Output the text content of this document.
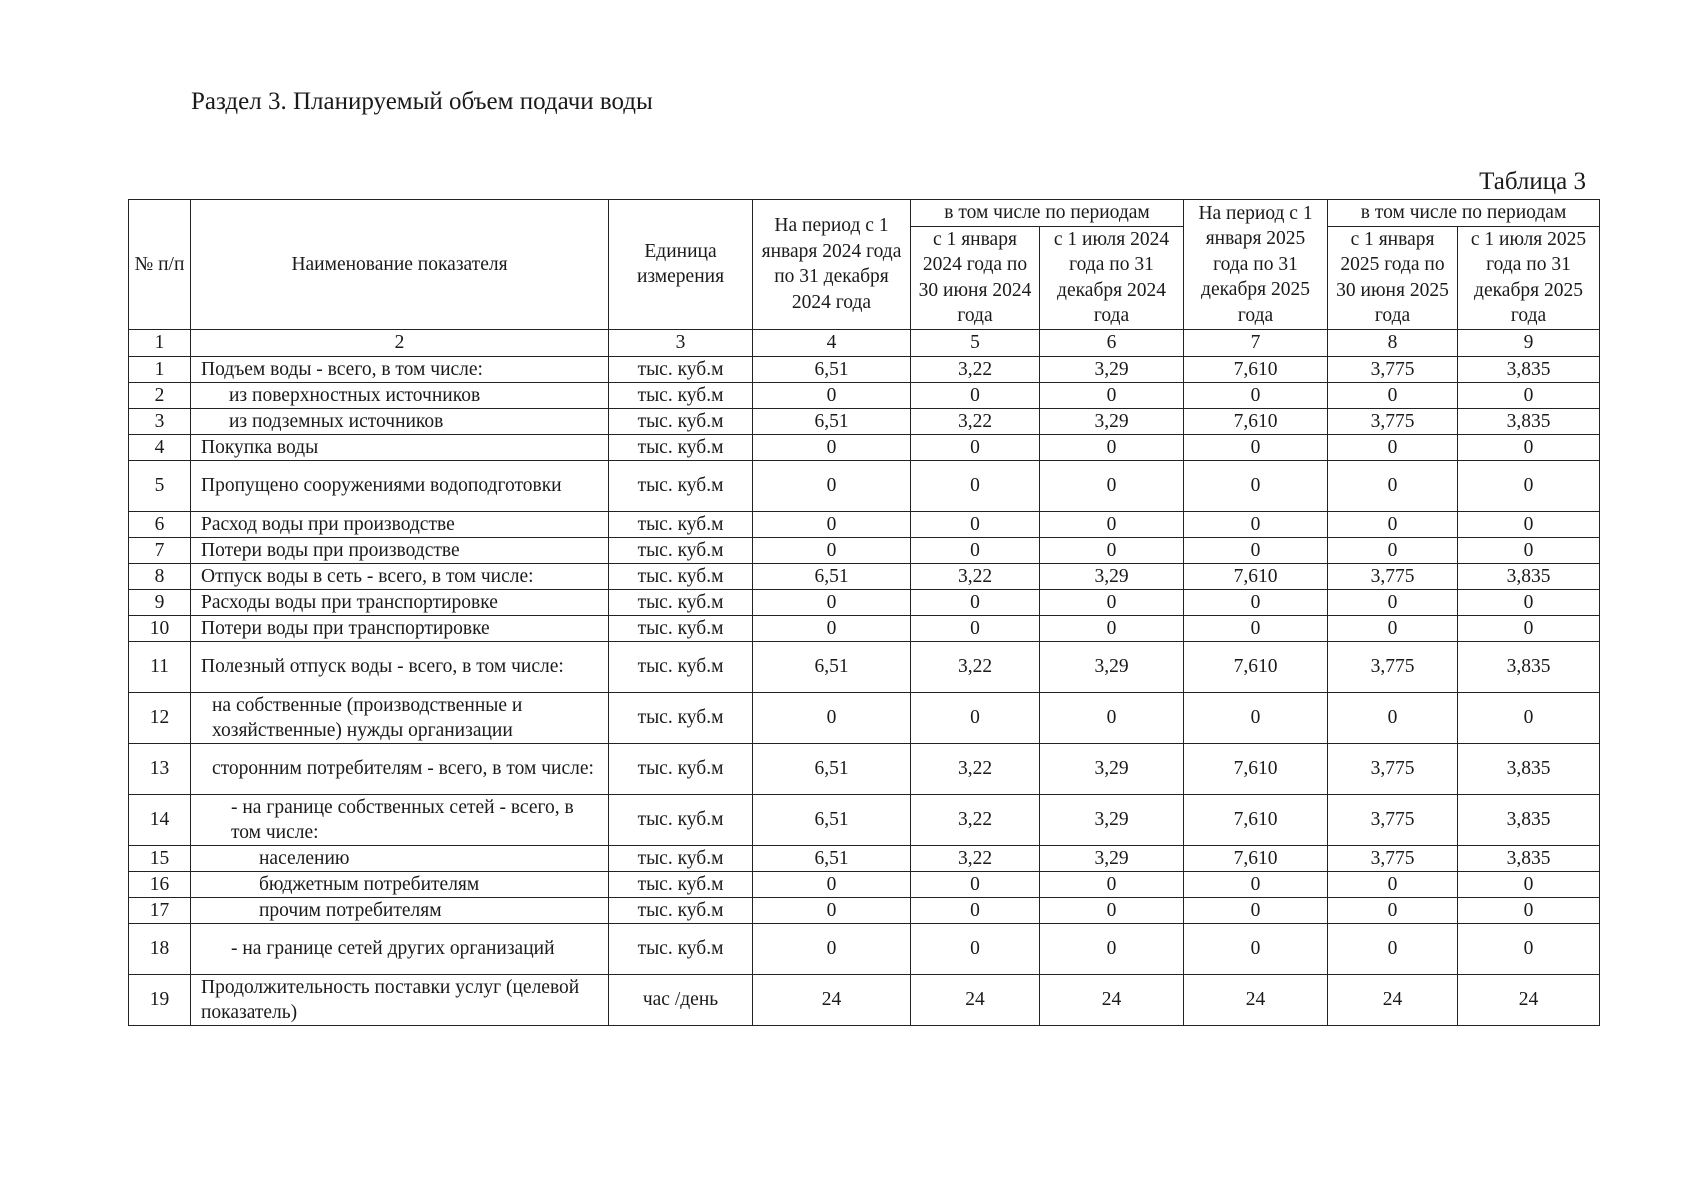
Раздел 3. Планируемый объем подачи воды
Таблица 3
№ п/п	Наименование показателя	Единица измерения	На период с 1 января 2024 года по 31 декабря 2024 года	в том числе по периодам		На период с 1 января 2025 года по 31 декабря 2025 года	в том числе по периодам	
				с 1 января 2024 года по 30 июня 2024 года	с 1 июля 2024 года по 31 декабря 2024 года		с 1 января 2025 года по 30 июня 2025 года	с 1 июля 2025 года по 31 декабря 2025 года
1	2	3	4	5	6	7	8	9
1	Подъем воды - всего, в том числе:	тыс. куб.м	6,51	3,22	3,29	7,610	3,775	3,835
2	из поверхностных источников	тыс. куб.м	0	0	0	0	0	0
3	из подземных источников	тыс. куб.м	6,51	3,22	3,29	7,610	3,775	3,835
4	Покупка воды	тыс. куб.м	0	0	0	0	0	0
5	Пропущено сооружениями водоподготовки	тыс. куб.м	0	0	0	0	0	0
6	Расход воды при производстве	тыс. куб.м	0	0	0	0	0	0
7	Потери воды при производстве	тыс. куб.м	0	0	0	0	0	0
8	Отпуск воды в сеть - всего, в том числе:	тыс. куб.м	6,51	3,22	3,29	7,610	3,775	3,835
9	Расходы воды при транспортировке	тыс. куб.м	0	0	0	0	0	0
10	Потери воды при транспортировке	тыс. куб.м	0	0	0	0	0	0
11	Полезный отпуск воды - всего, в том числе:	тыс. куб.м	6,51	3,22	3,29	7,610	3,775	3,835
12	на собственные (производственные и хозяйственные) нужды организации	тыс. куб.м	0	0	0	0	0	0
13	сторонним потребителям - всего, в том числе:	тыс. куб.м	6,51	3,22	3,29	7,610	3,775	3,835
14	- на границе собственных сетей - всего, в том числе:	тыс. куб.м	6,51	3,22	3,29	7,610	3,775	3,835
15	населению	тыс. куб.м	6,51	3,22	3,29	7,610	3,775	3,835
16	бюджетным потребителям	тыс. куб.м	0	0	0	0	0	0
17	прочим потребителям	тыс. куб.м	0	0	0	0	0	0
18	- на границе сетей других организаций	тыс. куб.м	0	0	0	0	0	0
19	Продолжительность поставки услуг (целевой показатель)	час /день	24	24	24	24	24	24
